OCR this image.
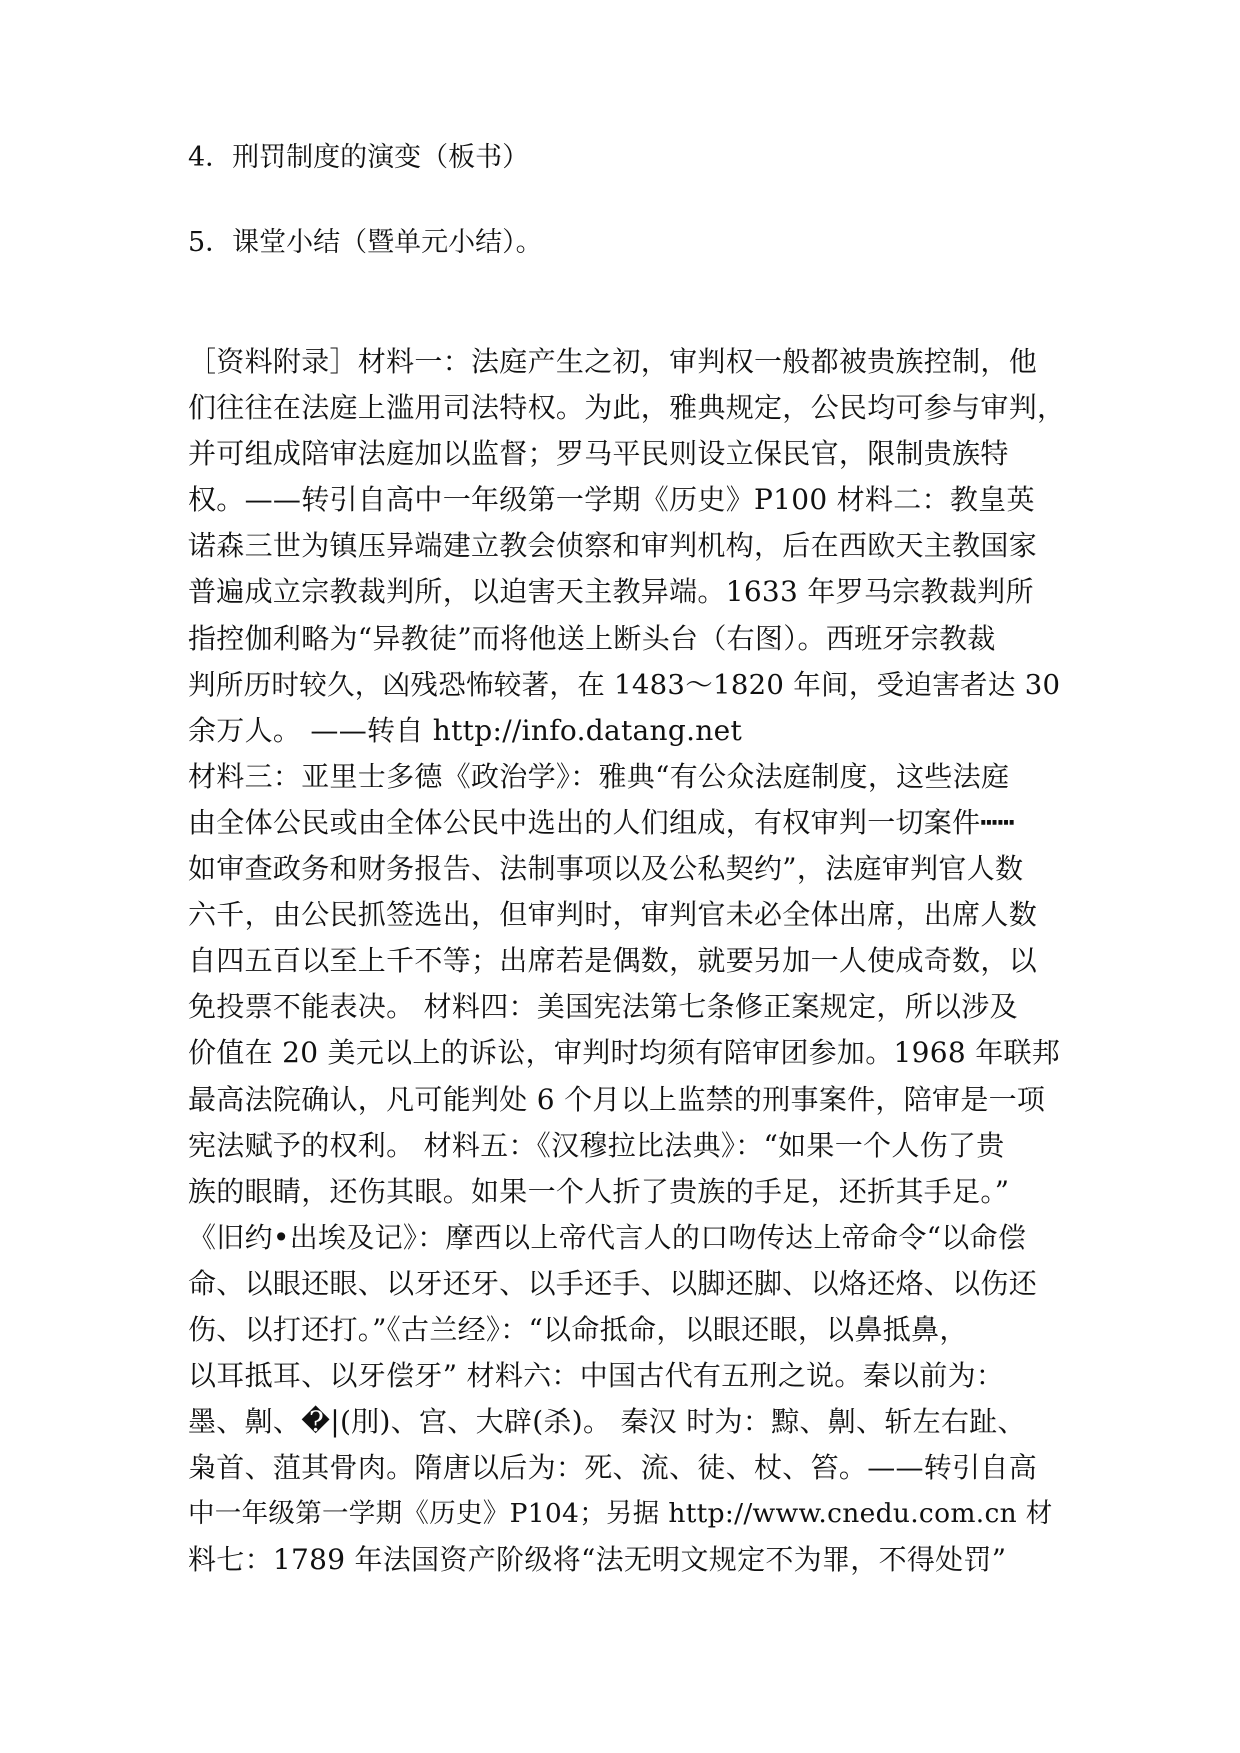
4．刑罚制度的演变（板书）
5．课堂小结（暨单元小结）。
［资料附录］材料一：法庭产生之初，审判权一般都被贵族控制，他
们往往在法庭上滥用司法特权。为此，雅典规定，公民均可参与审判，
并可组成陪审法庭加以监督；罗马平民则设立保民官，限制贵族特
权。——转引自高中一年级第一学期《历史》P100 材料二：教皇英
诺森三世为镇压异端建立教会侦察和审判机构，后在西欧天主教国家
普遍成立宗教裁判所，以迫害天主教异端。1633 年罗马宗教裁判所
指控伽利略为“异教徒”而将他送上断头台（右图）。西班牙宗教裁
判所历时较久，凶残恐怖较著，在 1483～1820 年间，受迫害者达 30
余万人。 ——转自 http://info.datang.net
材料三：亚里士多德《政治学》：雅典“有公众法庭制度，这些法庭
由全体公民或由全体公民中选出的人们组成，有权审判一切案件┅┅
如审查政务和财务报告、法制事项以及公私契约”，法庭审判官人数
六千，由公民抓签选出，但审判时，审判官未必全体出席，出席人数
自四五百以至上千不等；出席若是偶数，就要另加一人使成奇数，以
免投票不能表决。 材料四：美国宪法第七条修正案规定，所以涉及
价值在 20 美元以上的诉讼，审判时均须有陪审团参加。1968 年联邦
最高法院确认，凡可能判处 6 个月以上监禁的刑事案件，陪审是一项
宪法赋予的权利。 材料五：《汉穆拉比法典》：“如果一个人伤了贵
族的眼睛，还伤其眼。如果一个人折了贵族的手足，还折其手足。”
《旧约•出埃及记》：摩西以上帝代言人的口吻传达上帝命令“以命偿
命、以眼还眼、以牙还牙、以手还手、以脚还脚、以烙还烙、以伤还
伤、以打还打。”《古兰经》：“以命抵命，以眼还眼，以鼻抵鼻，
以耳抵耳、以牙偿牙” 材料六：中国古代有五刑之说。秦以前为：
墨、劓、�|(刖)、宫、大辟(杀)。 秦汉 时为：黥、劓、斩左右趾、
枭首、菹其骨肉。隋唐以后为：死、流、徒、杖、笞。——转引自高
中一年级第一学期《历史》P104；另据 http://www.cnedu.com.cn 材
料七：1789 年法国资产阶级将“法无明文规定不为罪，不得处罚”
